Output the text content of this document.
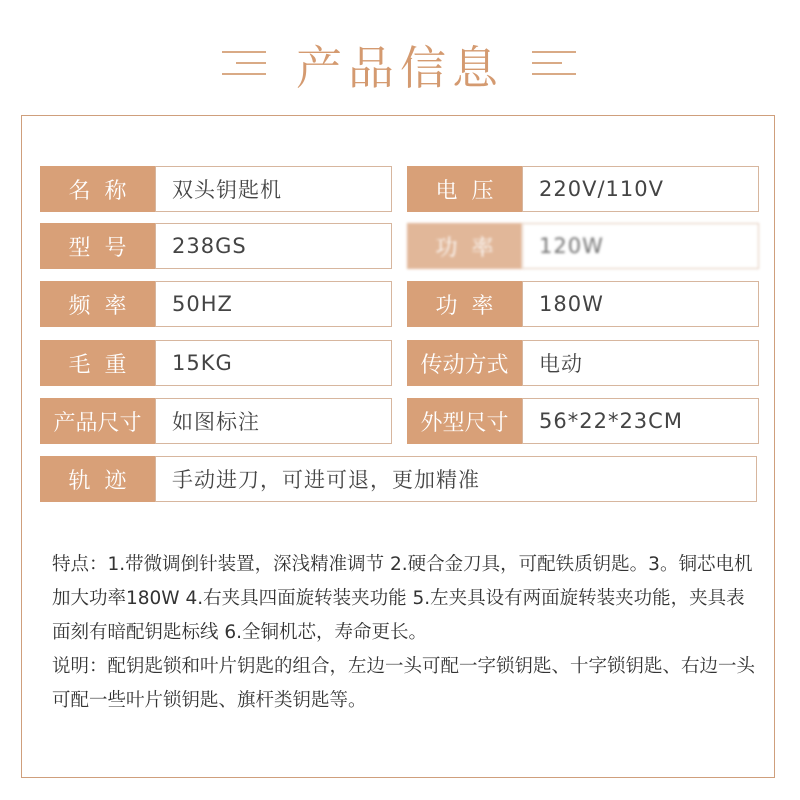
产品信息
名  称	双头钥匙机	电  压	220V/110V
型  号	238GS	功  率	120W
频  率	50HZ	功  率	180W
毛  重	15KG	传动方式	电动
产品尺寸	如图标注	外型尺寸	56*22*23CM
轨  迹	手动进刀，可进可退，更加精准

特点：1.带微调倒针装置，深浅精准调节 2.硬合金刀具，可配铁质钥匙。3。铜芯电机加大功率180W 4.右夹具四面旋转装夹功能 5.左夹具设有两面旋转装夹功能，夹具表面刻有暗配钥匙标线 6.全铜机芯，寿命更长。

说明：配钥匙锁和叶片钥匙的组合，左边一头可配一字锁钥匙、十字锁钥匙、右边一头可配一些叶片锁钥匙、旗杆类钥匙等。
